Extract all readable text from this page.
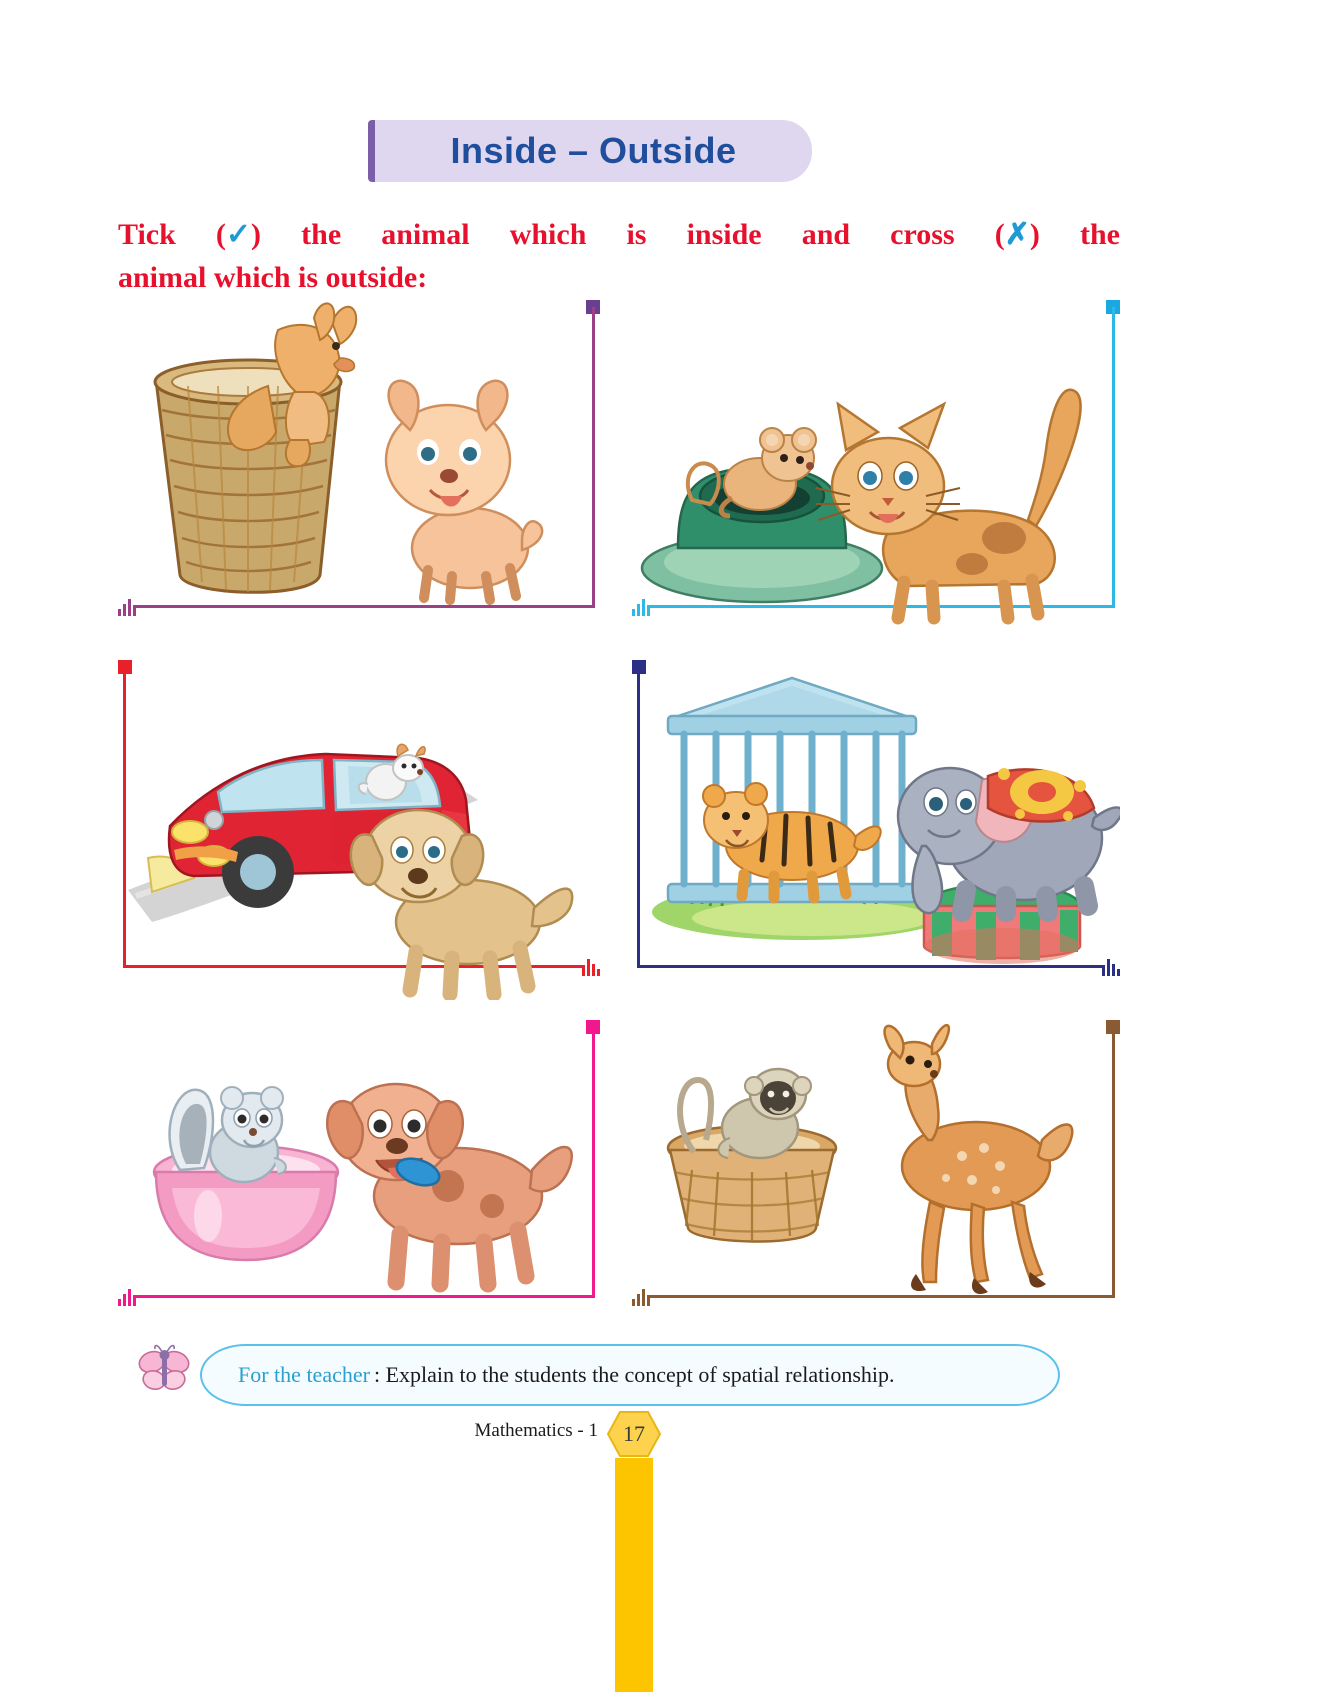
Inside – Outside
Tick (✓) the animal which is inside and cross (✗) the
animal which is outside:
For the teacher :
Explain to the students the concept of spatial relationship.
Mathematics - 1	17
